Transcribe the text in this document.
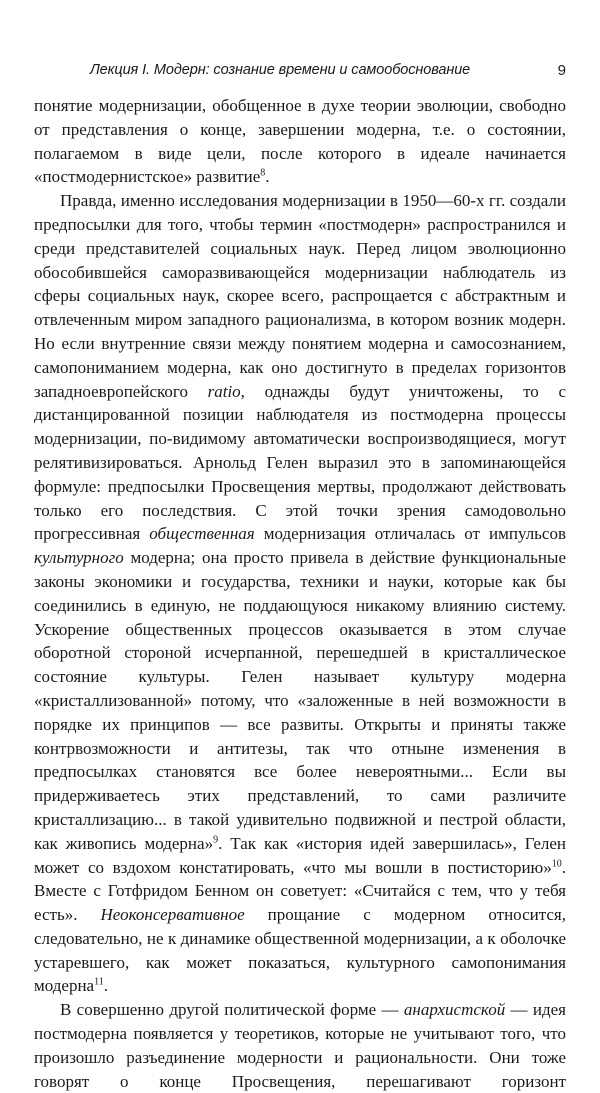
Лекция I. Модерн: сознание времени и самообоснование	9

понятие модернизации, обобщенное в духе теории эволюции, свободно от представления о конце, завершении модерна, т.е. о состоянии, полагаемом в виде цели, после которого в идеале начинается «постмодернистское» развитие$^8$.

Правда, именно исследования модернизации в 1950—60-х гг. создали предпосылки для того, чтобы термин «постмодерн» распространился и среди представителей социальных наук. Перед лицом эволюционно обособившейся саморазвивающейся модернизации наблюдатель из сферы социальных наук, скорее всего, распрощается с абстрактным и отвлеченным миром западного рационализма, в котором возник модерн. Но если внутренние связи между понятием модерна и самосознанием, самопониманием модерна, как оно достигнуто в пределах горизонтов западноевропейского ratio, однажды будут уничтожены, то с дистанцированной позиции наблюдателя из постмодерна процессы модернизации, по-видимому автоматически воспроизводящиеся, могут релятивизироваться. Арнольд Гелен выразил это в запоминающейся формуле: предпосылки Просвещения мертвы, продолжают действовать только его последствия. С этой точки зрения самодовольно прогрессивная общественная модернизация отличалась от импульсов культурного модерна; она просто привела в действие функциональные законы экономики и государства, техники и науки, которые как бы соединились в единую, не поддающуюся никакому влиянию систему. Ускорение общественных процессов оказывается в этом случае оборотной стороной исчерпанной, перешедшей в кристаллическое состояние культуры. Гелен называет культуру модерна «кристаллизованной» потому, что «заложенные в ней возможности в порядке их принципов — все развиты. Открыты и приняты также контрвозможности и антитезы, так что отныне изменения в предпосылках становятся все более невероятными... Если вы придерживаетесь этих представлений, то сами различите кристаллизацию... в такой удивительно подвижной и пестрой области, как живопись модерна»$^9$. Так как «история идей завершилась», Гелен может со вздохом констатировать, «что мы вошли в постисторию»$^{10}$. Вместе с Готфридом Бенном он советует: «Считайся с тем, что у тебя есть». Неоконсервативное прощание с модерном относится, следовательно, не к динамике общественной модернизации, а к оболочке устаревшего, как может показаться, культурного самопонимания модерна$^{11}$.

В совершенно другой политической форме — анархистской — идея постмодерна появляется у теоретиков, которые не учитывают того, что произошло разъединение модерности и рациональности. Они тоже говорят о конце Просвещения, перешагивают горизонт
